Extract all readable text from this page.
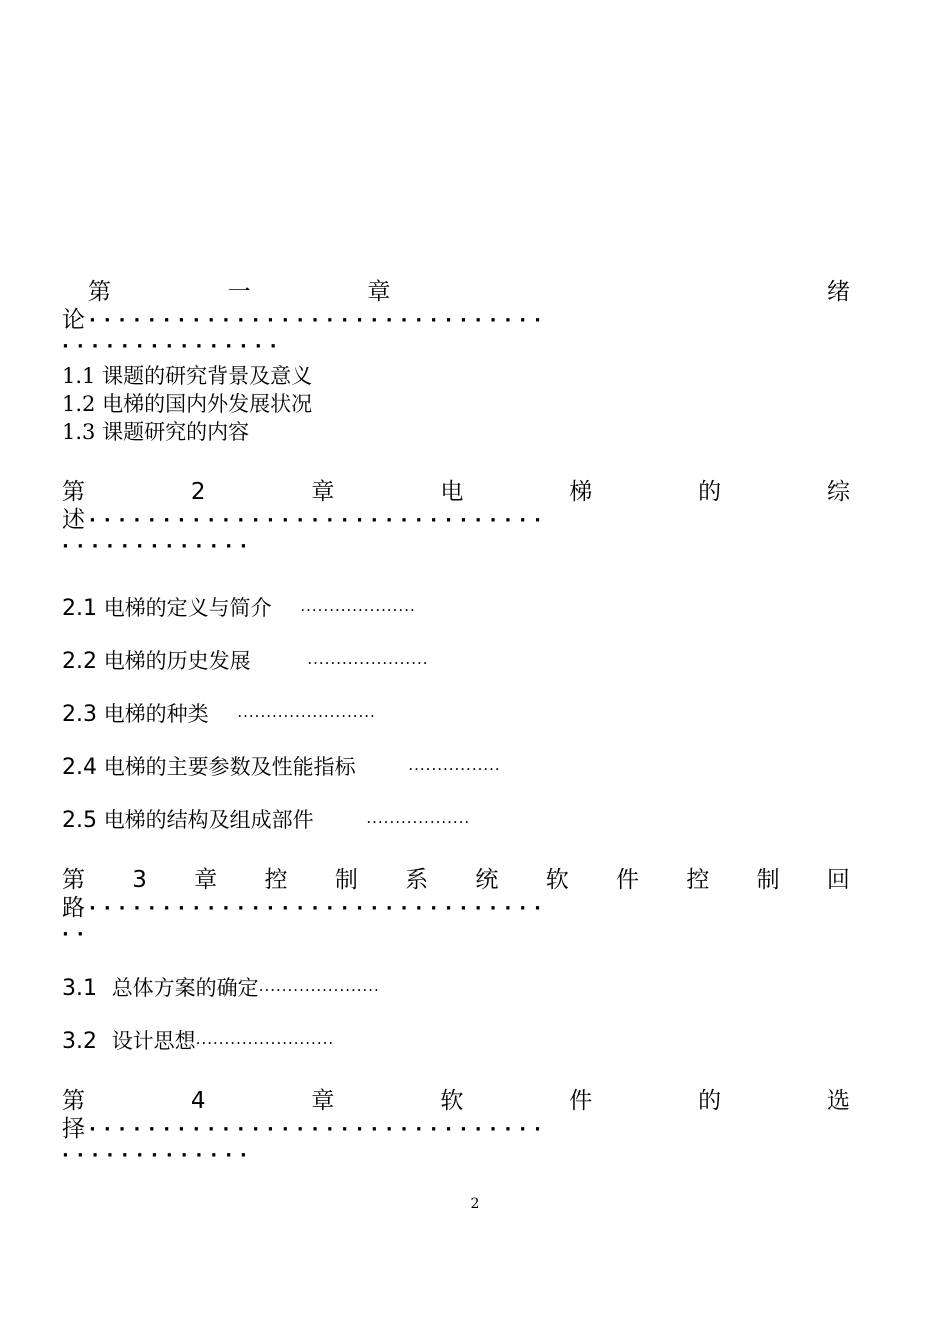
第	一	章	绪
论 ·······························
···············
1.1 课题的研究背景及意义
1.2 电梯的国内外发展状况
1.3 课题研究的内容
第	2	章	电	梯	的	综
述 ·······························
·············
2.1 电梯的定义与简介 ····················
2.2 电梯的历史发展	·····················
2.3 电梯的种类 ························
2.4 电梯的主要参数及性能指标	················
2.5 电梯的结构及组成部件	··················
第 3 章 控 制 系 统 软 件 控 制 回
路 ·······························
··
3.1 总体方案的确定·····················
3.2 设计思想························
第	4	章	软	件	的	选
择 ·······························
·············
2
